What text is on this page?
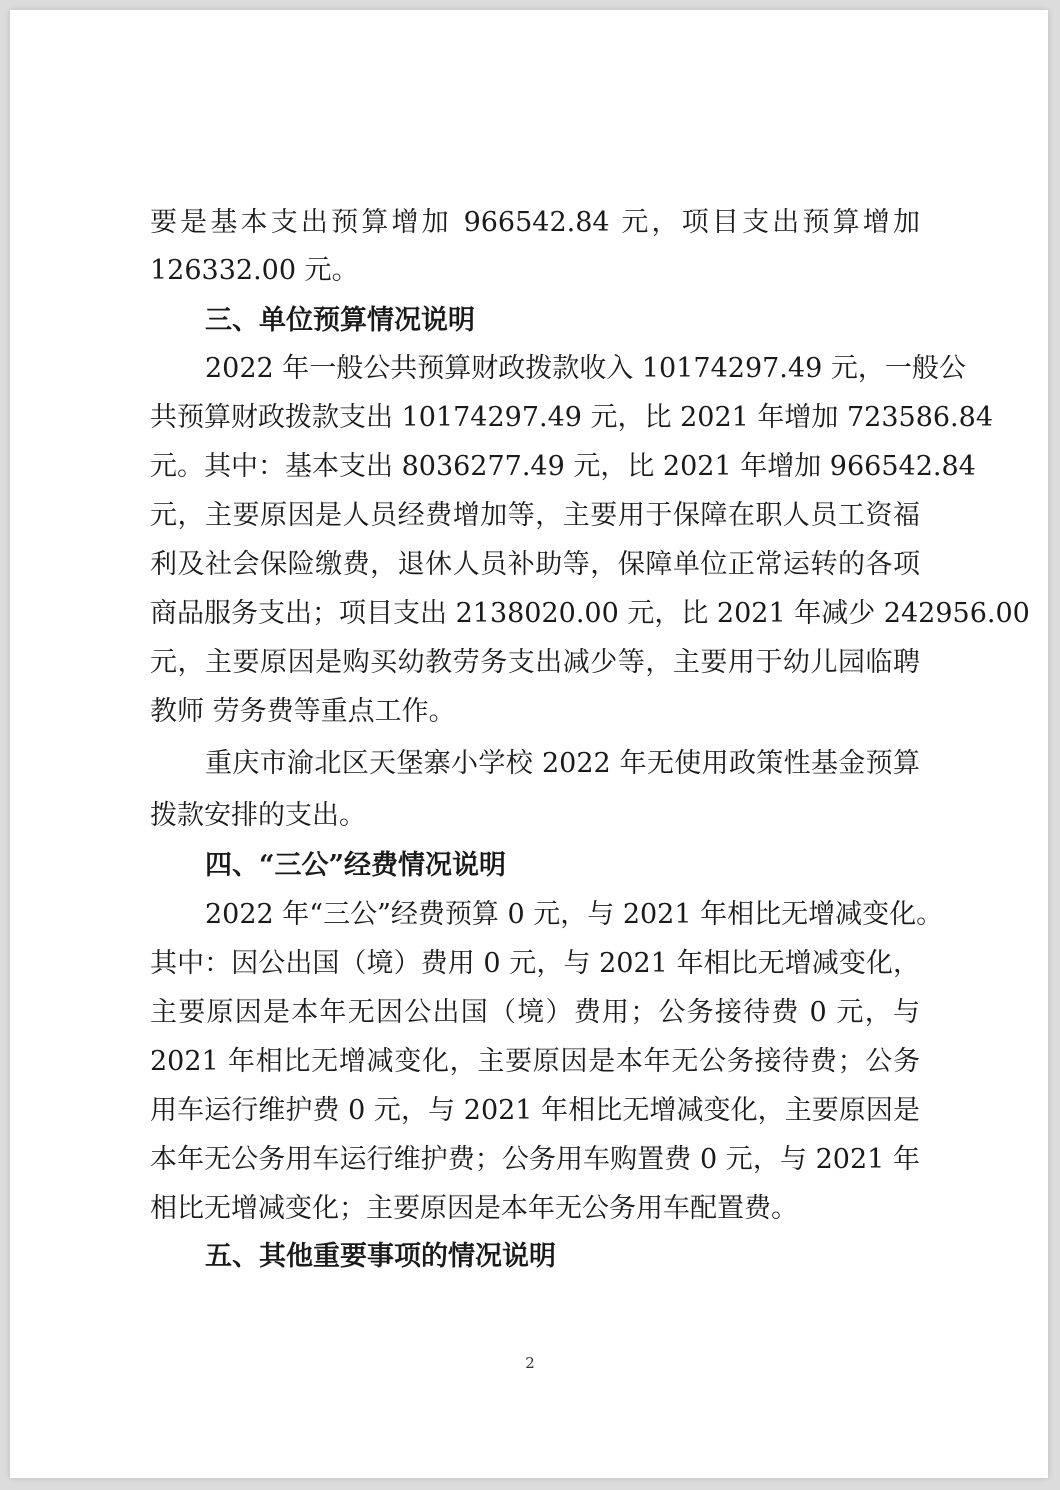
要是基本支出预算增加 966542.84 元，项目支出预算增加
126332.00 元。
三、单位预算情况说明
2022 年一般公共预算财政拨款收入 10174297.49 元，一般公
共预算财政拨款支出 10174297.49 元，比 2021 年增加 723586.84
元。其中：基本支出 8036277.49 元，比 2021 年增加 966542.84
元，主要原因是人员经费增加等，主要用于保障在职人员工资福
利及社会保险缴费，退休人员补助等，保障单位正常运转的各项
商品服务支出；项目支出 2138020.00 元，比 2021 年减少 242956.00
元，主要原因是购买幼教劳务支出减少等，主要用于幼儿园临聘
教师 劳务费等重点工作。
重庆市渝北区天堡寨小学校 2022 年无使用政策性基金预算
拨款安排的支出。
四、“三公”经费情况说明
2022 年“三公”经费预算 0 元，与 2021 年相比无增减变化。
其中：因公出国（境）费用 0 元，与 2021 年相比无增减变化，
主要原因是本年无因公出国（境）费用；公务接待费 0 元，与
2021 年相比无增减变化，主要原因是本年无公务接待费；公务
用车运行维护费 0 元，与 2021 年相比无增减变化，主要原因是
本年无公务用车运行维护费；公务用车购置费 0 元，与 2021 年
相比无增减变化；主要原因是本年无公务用车配置费。
五、其他重要事项的情况说明
2
